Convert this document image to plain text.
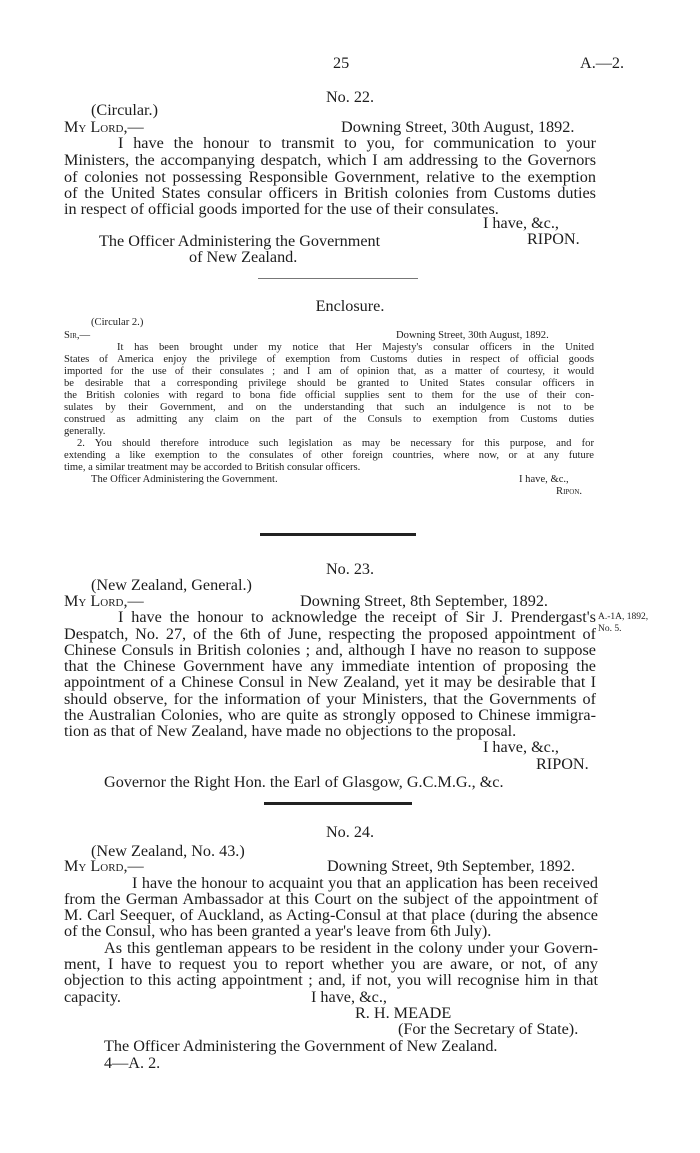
25	A.—2.
No. 22.
(Circular.)
My Lord,—	Downing Street, 30th August, 1892.
I have the honour to transmit to you, for communication to your
Ministers, the accompanying despatch, which I am addressing to the Governors
of colonies not possessing Responsible Government, relative to the exemption
of the United States consular officers in British colonies from Customs duties
in respect of official goods imported for the use of their consulates.
I have, &c.,
RIPON.
The Officer Administering the Government
of New Zealand.
Enclosure.
(Circular 2.)
Sir,—	Downing Street, 30th August, 1892.
It has been brought under my notice that Her Majesty's consular officers in the United
States of America enjoy the privilege of exemption from Customs duties in respect of official goods
imported for the use of their consulates ; and I am of opinion that, as a matter of courtesy, it would
be desirable that a corresponding privilege should be granted to United States consular officers in
the British colonies with regard to bona fide official supplies sent to them for the use of their con-
sulates by their Government, and on the understanding that such an indulgence is not to be
construed as admitting any claim on the part of the Consuls to exemption from Customs duties
generally.
2. You should therefore introduce such legislation as may be necessary for this purpose, and for
extending a like exemption to the consulates of other foreign countries, where now, or at any future
time, a similar treatment may be accorded to British consular officers.
The Officer Administering the Government.	I have, &c.,
Ripon.
No. 23.
(New Zealand, General.)
My Lord,—	Downing Street, 8th September, 1892.
I have the honour to acknowledge the receipt of Sir J. Prendergast's
Despatch, No. 27, of the 6th of June, respecting the proposed appointment of
Chinese Consuls in British colonies ; and, although I have no reason to suppose
that the Chinese Government have any immediate intention of proposing the
appointment of a Chinese Consul in New Zealand, yet it may be desirable that I
should observe, for the information of your Ministers, that the Governments of
the Australian Colonies, who are quite as strongly opposed to Chinese immigra-
tion as that of New Zealand, have made no objections to the proposal.
A.-1A, 1892,
No. 5.
I have, &c.,
RIPON.
Governor the Right Hon. the Earl of Glasgow, G.C.M.G., &c.
No. 24.
(New Zealand, No. 43.)
My Lord,—	Downing Street, 9th September, 1892.
I have the honour to acquaint you that an application has been received
from the German Ambassador at this Court on the subject of the appointment of
M. Carl Seequer, of Auckland, as Acting-Consul at that place (during the absence
of the Consul, who has been granted a year's leave from 6th July).
As this gentleman appears to be resident in the colony under your Govern-
ment, I have to request you to report whether you are aware, or not, of any
objection to this acting appointment ; and, if not, you will recognise him in that
capacity.	I have, &c.,
R. H. MEADE
(For the Secretary of State).
The Officer Administering the Government of New Zealand.
4—A. 2.
